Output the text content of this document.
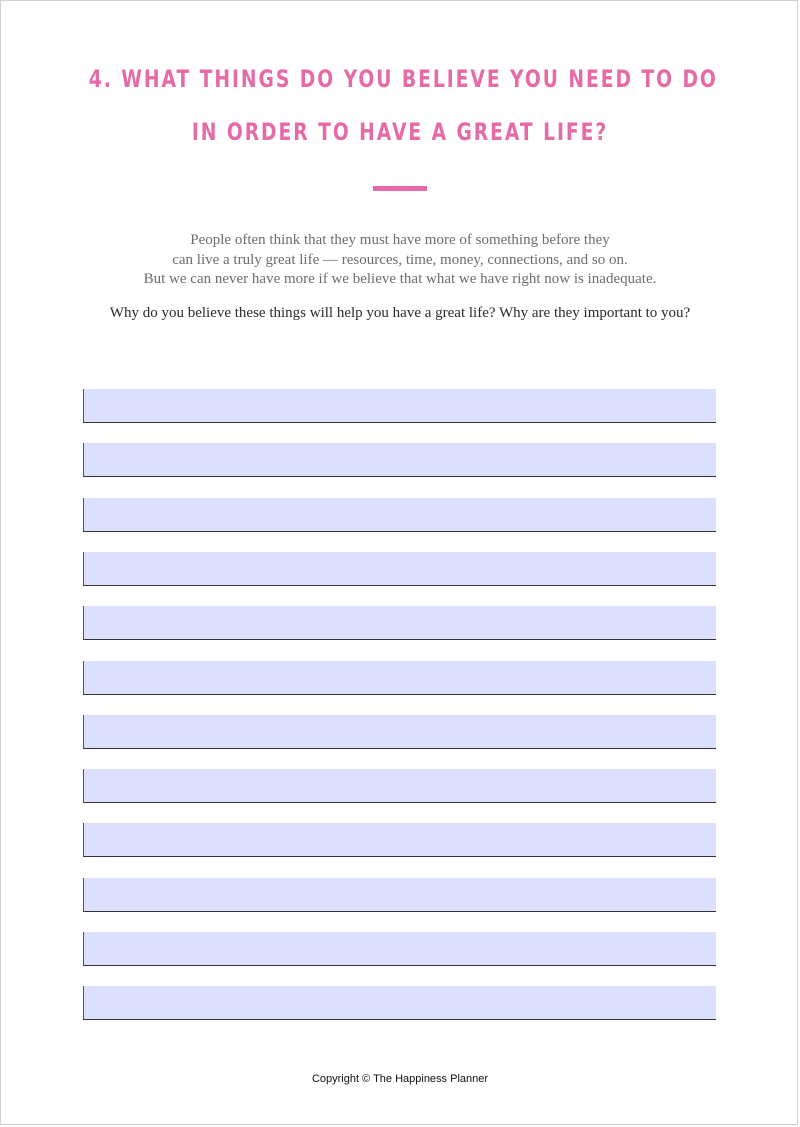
4. WHAT THINGS DO YOU BELIEVE YOU NEED TO DO
IN ORDER TO HAVE A GREAT LIFE?
People often think that they must have more of something before they
can live a truly great life — resources, time, money, connections, and so on.
But we can never have more if we believe that what we have right now is inadequate.
Why do you believe these things will help you have a great life? Why are they important to you?
Copyright © The Happiness Planner
